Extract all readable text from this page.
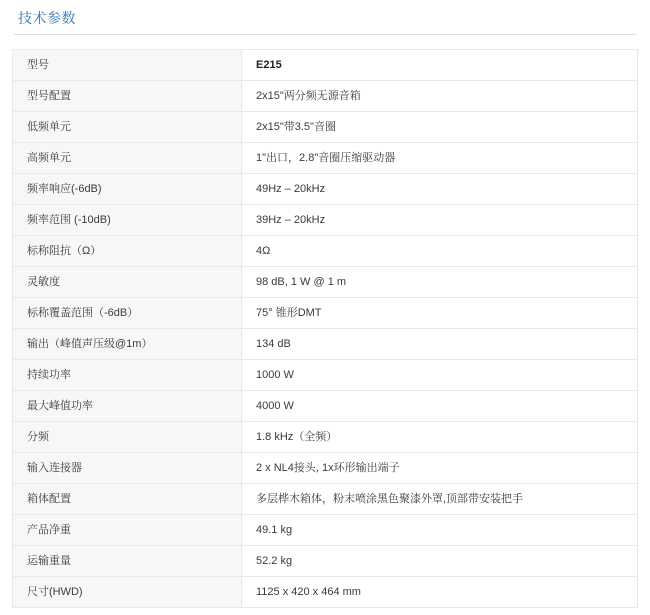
技术参数
型号	E215
型号配置	2x15"两分频无源音箱
低频单元	2x15"带3.5"音圈
高频单元	1"出口，2.8"音圈压缩驱动器
频率响应(-6dB)	49Hz – 20kHz
频率范围 (-10dB)	39Hz – 20kHz
标称阻抗（Ω）	4Ω
灵敏度	98 dB, 1 W @ 1 m
标称覆盖范围（-6dB）	75° 锥形DMT
输出（峰值声压级@1m）	134 dB
持续功率	1000 W
最大峰值功率	4000 W
分频	1.8 kHz（全频）
输入连接器	2 x NL4接头, 1x环形输出端子
箱体配置	多层桦木箱体，粉末喷涂黑色聚漆外罩,顶部带安装把手
产品净重	49.1 kg
运输重量	52.2 kg
尺寸(HWD)	1125 x 420 x 464 mm
